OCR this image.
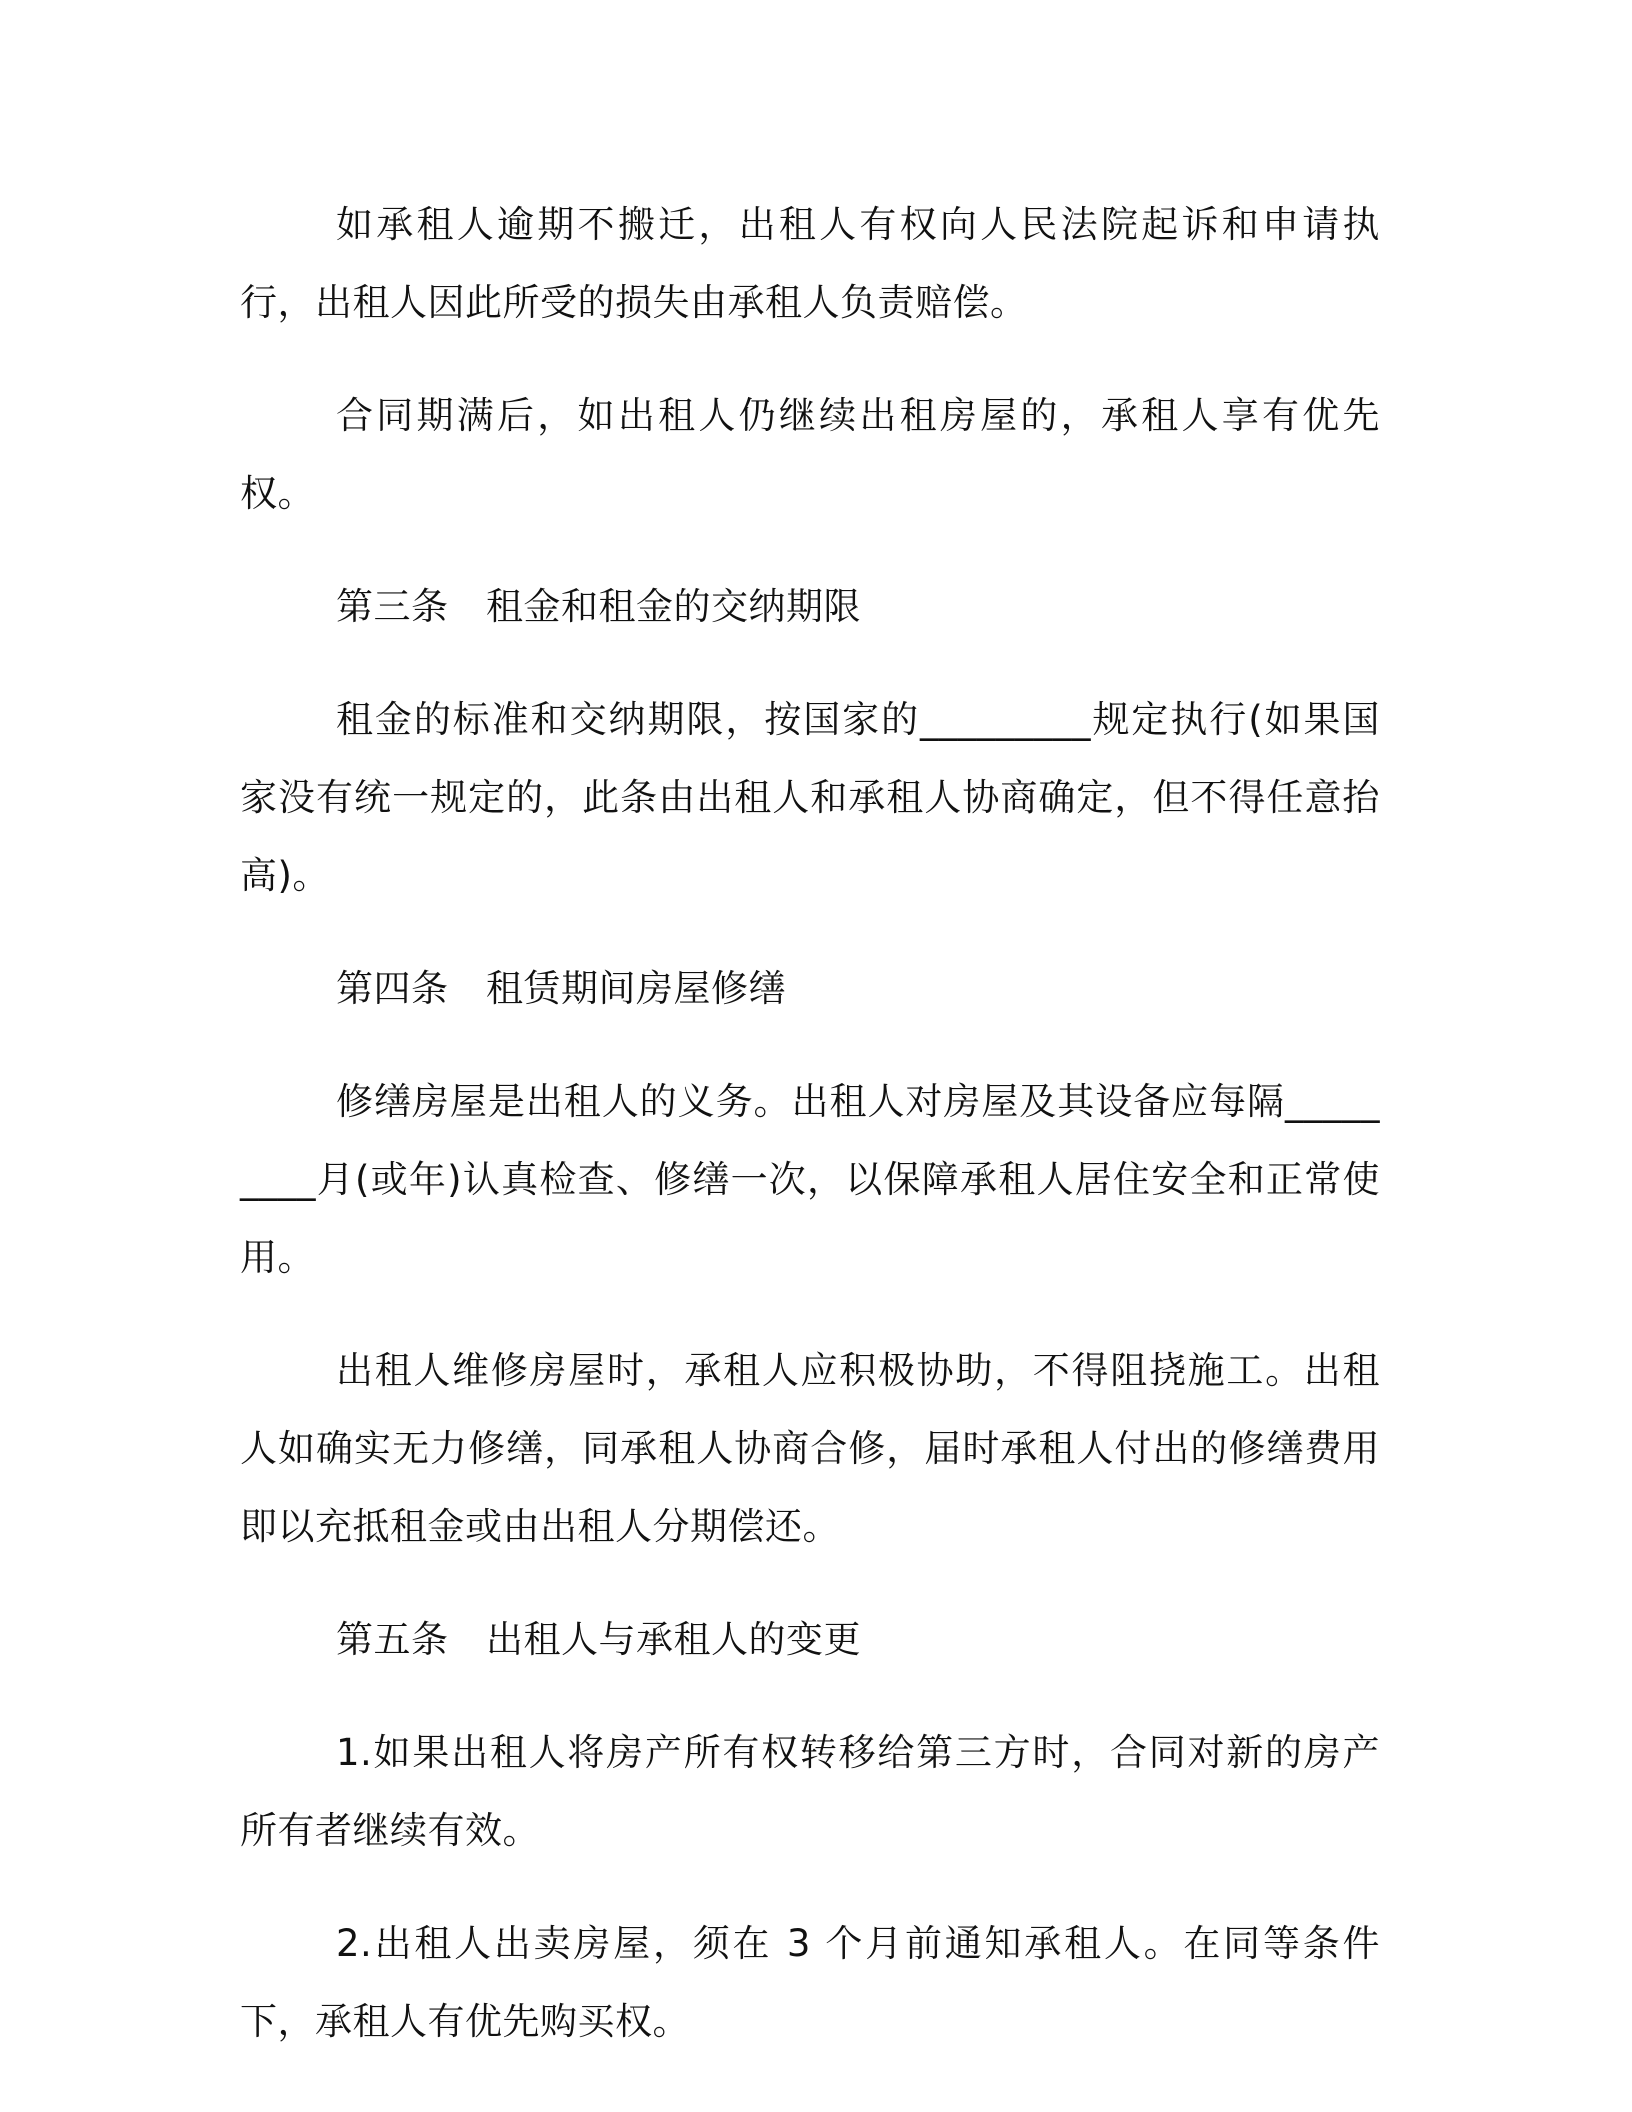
如承租人逾期不搬迁，出租人有权向人民法院起诉和申请执行，出租人因此所受的损失由承租人负责赔偿。

合同期满后，如出租人仍继续出租房屋的，承租人享有优先权。

第三条　租金和租金的交纳期限

租金的标准和交纳期限，按国家的_________规定执行(如果国家没有统一规定的，此条由出租人和承租人协商确定，但不得任意抬高)。

第四条　租赁期间房屋修缮

修缮房屋是出租人的义务。出租人对房屋及其设备应每隔_________月(或年)认真检查、修缮一次，以保障承租人居住安全和正常使用。

出租人维修房屋时，承租人应积极协助，不得阻挠施工。出租人如确实无力修缮，同承租人协商合修，届时承租人付出的修缮费用即以充抵租金或由出租人分期偿还。

第五条　出租人与承租人的变更

1.如果出租人将房产所有权转移给第三方时，合同对新的房产所有者继续有效。

2.出租人出卖房屋，须在 3 个月前通知承租人。在同等条件下，承租人有优先购买权。
